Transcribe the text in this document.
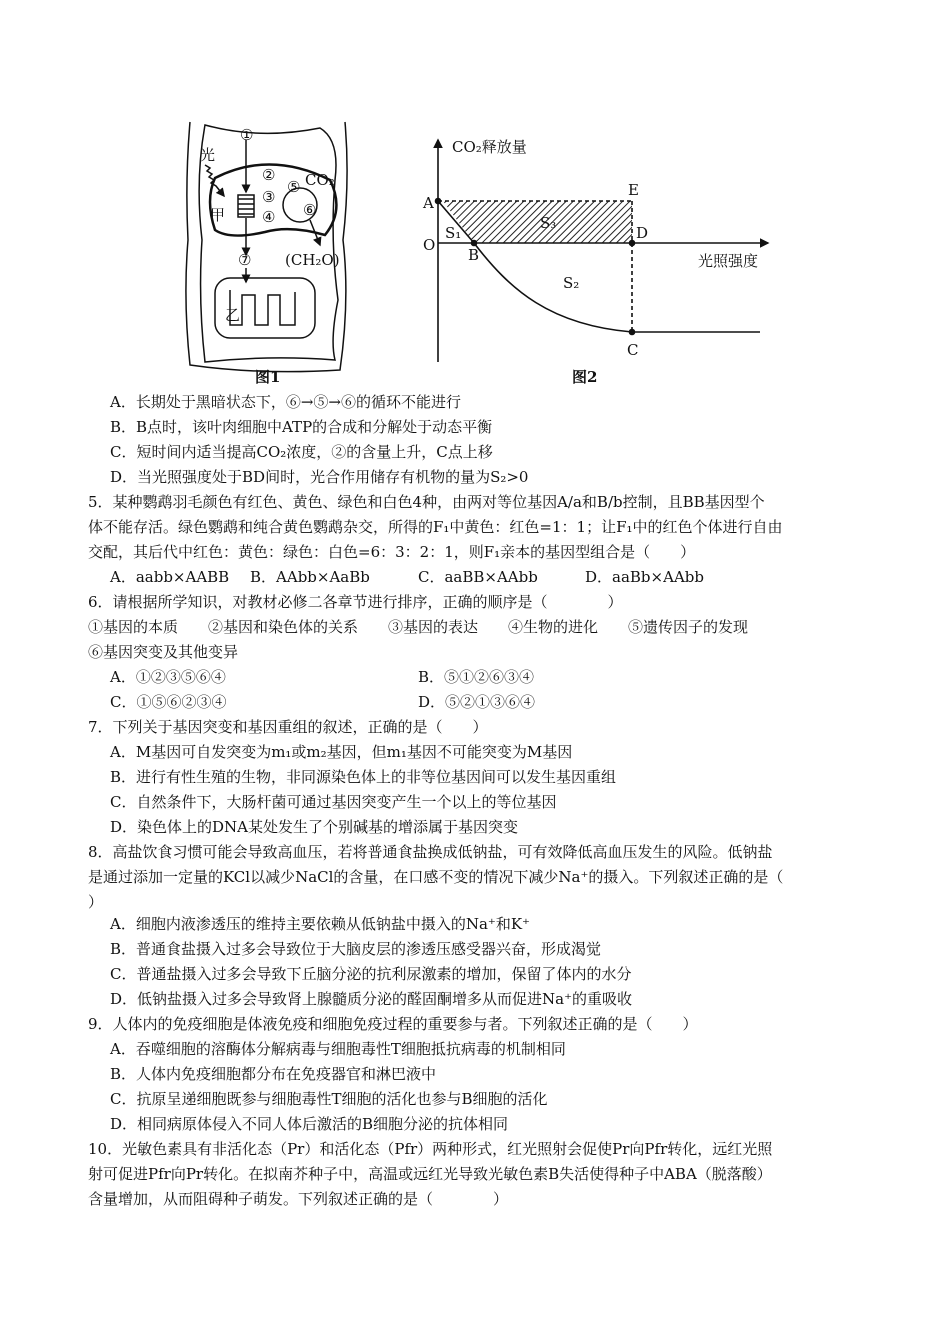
①
光
②
③
④
⑤
⑥
CO₂
甲
⑦ (CH₂O)
乙
图1
CO₂释放量
光照强度
A
O
B
C
D
E
S₁
S₃
S₂
图2
A．长期处于黑暗状态下，⑥→⑤→⑥的循环不能进行
B．B点时，该叶肉细胞中ATP的合成和分解处于动态平衡
C．短时间内适当提高CO₂浓度，②的含量上升，C点上移
D．当光照强度处于BD间时，光合作用储存有机物的量为S₂>0
5．某种鹦鹉羽毛颜色有红色、黄色、绿色和白色4种，由两对等位基因A/a和B/b控制，且BB基因型个
体不能存活。绿色鹦鹉和纯合黄色鹦鹉杂交，所得的F₁中黄色：红色=1：1；让F₁中的红色个体进行自由
交配，其后代中红色：黄色：绿色：白色=6：3：2：1，则F₁亲本的基因型组合是（　　）
A．aabb×AABB B．AAbb×AaBb	C．aaBB×AAbb	D．aaBb×AAbb
6．请根据所学知识，对教材必修二各章节进行排序，正确的顺序是（　　　　）
①基因的本质　　②基因和染色体的关系　　③基因的表达　　④生物的进化　　⑤遗传因子的发现
⑥基因突变及其他变异
A．①②③⑤⑥④	B．⑤①②⑥③④
C．①⑤⑥②③④	D．⑤②①③⑥④
7．下列关于基因突变和基因重组的叙述，正确的是（　　）
A．M基因可自发突变为m₁或m₂基因，但m₁基因不可能突变为M基因
B．进行有性生殖的生物，非同源染色体上的非等位基因间可以发生基因重组
C．自然条件下，大肠杆菌可通过基因突变产生一个以上的等位基因
D．染色体上的DNA某处发生了个别碱基的增添属于基因突变
8．高盐饮食习惯可能会导致高血压，若将普通食盐换成低钠盐，可有效降低高血压发生的风险。低钠盐
是通过添加一定量的KCl以减少NaCl的含量，在口感不变的情况下减少Na⁺的摄入。下列叙述正确的是（
）
A．细胞内液渗透压的维持主要依赖从低钠盐中摄入的Na⁺和K⁺
B．普通食盐摄入过多会导致位于大脑皮层的渗透压感受器兴奋，形成渴觉
C．普通盐摄入过多会导致下丘脑分泌的抗利尿激素的增加，保留了体内的水分
D．低钠盐摄入过多会导致肾上腺髓质分泌的醛固酮增多从而促进Na⁺的重吸收
9．人体内的免疫细胞是体液免疫和细胞免疫过程的重要参与者。下列叙述正确的是（　　）
A．吞噬细胞的溶酶体分解病毒与细胞毒性T细胞抵抗病毒的机制相同
B．人体内免疫细胞都分布在免疫器官和淋巴液中
C．抗原呈递细胞既参与细胞毒性T细胞的活化也参与B细胞的活化
D．相同病原体侵入不同人体后激活的B细胞分泌的抗体相同
10．光敏色素具有非活化态（Pr）和活化态（Pfr）两种形式，红光照射会促使Pr向Pfr转化，远红光照
射可促进Pfr向Pr转化。在拟南芥种子中，高温或远红光导致光敏色素B失活使得种子中ABA（脱落酸）
含量增加，从而阻碍种子萌发。下列叙述正确的是（　　　　）
